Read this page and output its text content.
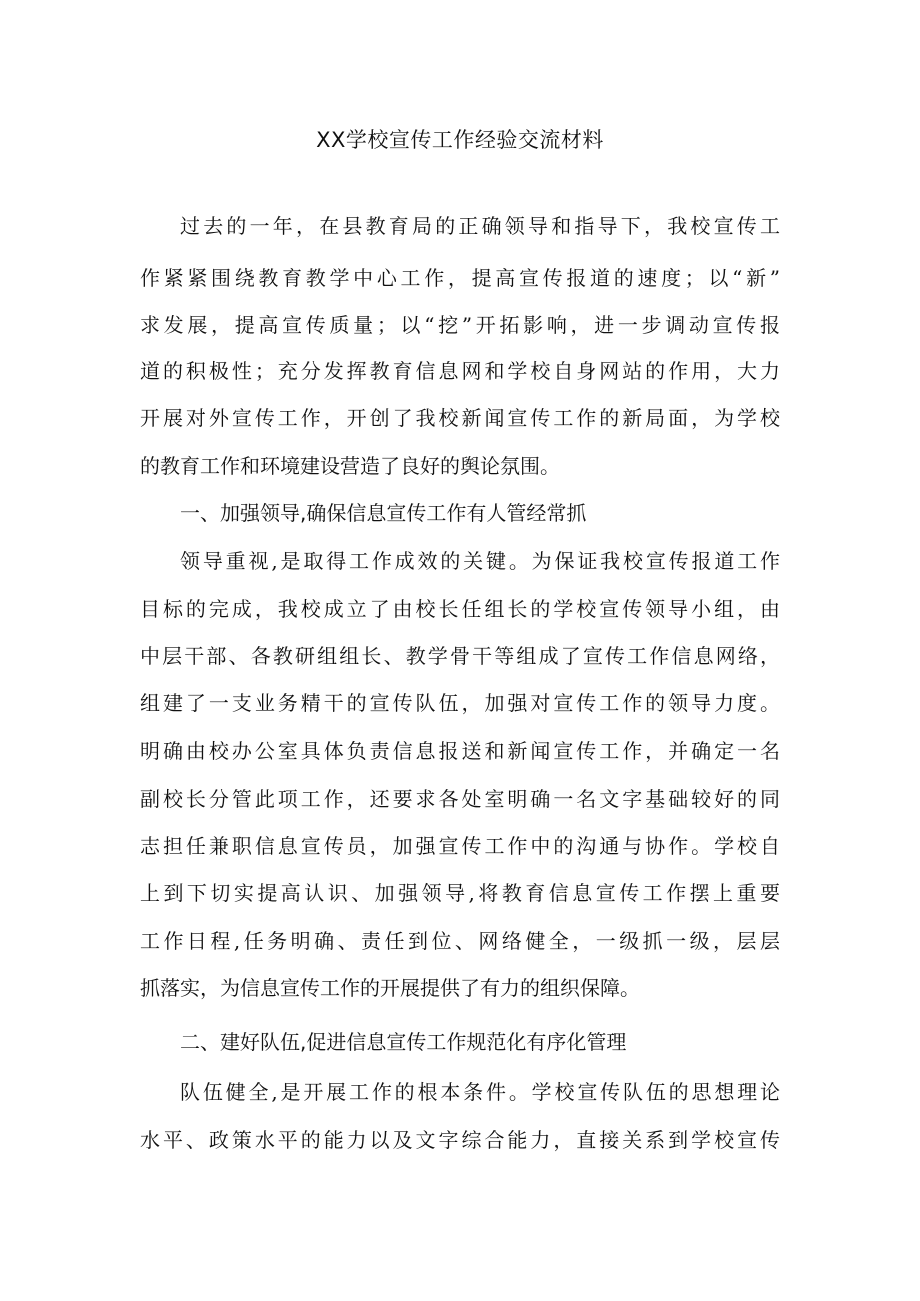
XX学校宣传工作经验交流材料
过去的一年，在县教育局的正确领导和指导下，我校宣传工
作紧紧围绕教育教学中心工作，提高宣传报道的速度；以“新”
求发展，提高宣传质量；以“挖”开拓影响，进一步调动宣传报
道的积极性；充分发挥教育信息网和学校自身网站的作用，大力
开展对外宣传工作，开创了我校新闻宣传工作的新局面，为学校
的教育工作和环境建设营造了良好的舆论氛围。
一、加强领导,确保信息宣传工作有人管经常抓
领导重视,是取得工作成效的关键。为保证我校宣传报道工作
目标的完成，我校成立了由校长任组长的学校宣传领导小组，由
中层干部、各教研组组长、教学骨干等组成了宣传工作信息网络，
组建了一支业务精干的宣传队伍，加强对宣传工作的领导力度。
明确由校办公室具体负责信息报送和新闻宣传工作，并确定一名
副校长分管此项工作，还要求各处室明确一名文字基础较好的同
志担任兼职信息宣传员，加强宣传工作中的沟通与协作。学校自
上到下切实提高认识、加强领导,将教育信息宣传工作摆上重要
工作日程,任务明确、责任到位、网络健全，一级抓一级，层层
抓落实，为信息宣传工作的开展提供了有力的组织保障。
二、建好队伍,促进信息宣传工作规范化有序化管理
队伍健全,是开展工作的根本条件。学校宣传队伍的思想理论
水平、政策水平的能力以及文字综合能力，直接关系到学校宣传
